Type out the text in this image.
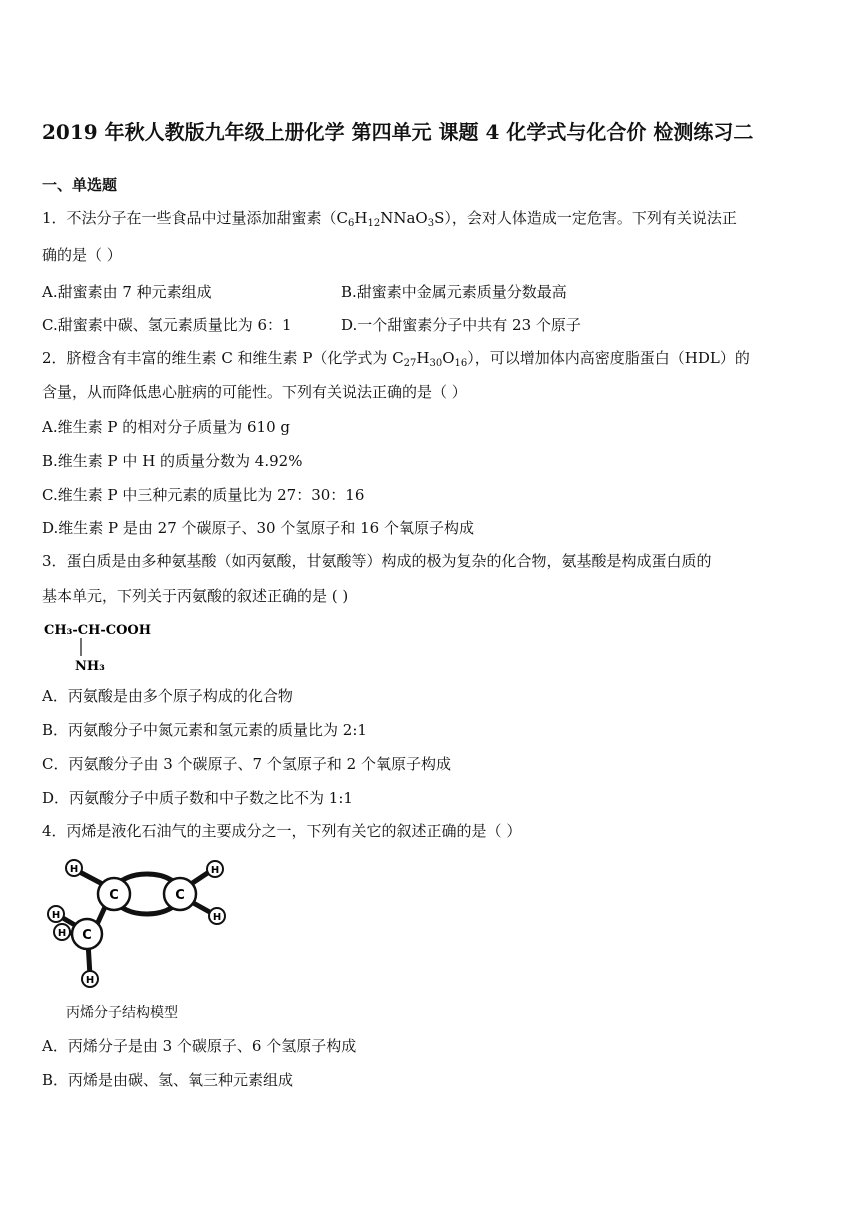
2019 年秋人教版九年级上册化学 第四单元 课题 4 化学式与化合价 检测练习二
一、单选题
1．不法分子在一些食品中过量添加甜蜜素$(C_6H_{12}NNaO_3S)$，会对人体造成一定危害。下列有关说法正
确的是（ ）
A.甜蜜素由 7 种元素组成	B.甜蜜素中金属元素质量分数最高
C.甜蜜素中碳、氢元素质量比为 6：1	D.一个甜蜜素分子中共有 23 个原子
2．脐橙含有丰富的维生素 C 和维生素 P（化学式为 $C_{27}H_{30}O_{16}$），可以增加体内高密度脂蛋白（HDL）的
含量，从而降低患心脏病的可能性。下列有关说法正确的是（ ）
A.维生素 P 的相对分子质量为 610 g
B.维生素 P 中 H 的质量分数为 4.92%
C.维生素 P 中三种元素的质量比为 27：30：16
D.维生素 P 是由 27 个碳原子、30 个氢原子和 16 个氧原子构成
3．蛋白质是由多种氨基酸（如丙氨酸，甘氨酸等）构成的极为复杂的化合物，氨基酸是构成蛋白质的
基本单元，下列关于丙氨酸的叙述正确的是 ( )
CH₃-CH-COOH
NH₃
A．丙氨酸是由多个原子构成的化合物
B．丙氨酸分子中氮元素和氢元素的质量比为 2:1
C．丙氨酸分子由 3 个碳原子、7 个氢原子和 2 个氧原子构成
D．丙氨酸分子中质子数和中子数之比不为 1:1
4．丙烯是液化石油气的主要成分之一，下列有关它的叙述正确的是（ ）
H	H
H
H
H
H
C	C
C
丙烯分子结构模型
A．丙烯分子是由 3 个碳原子、6 个氢原子构成
B．丙烯是由碳、氢、氧三种元素组成
